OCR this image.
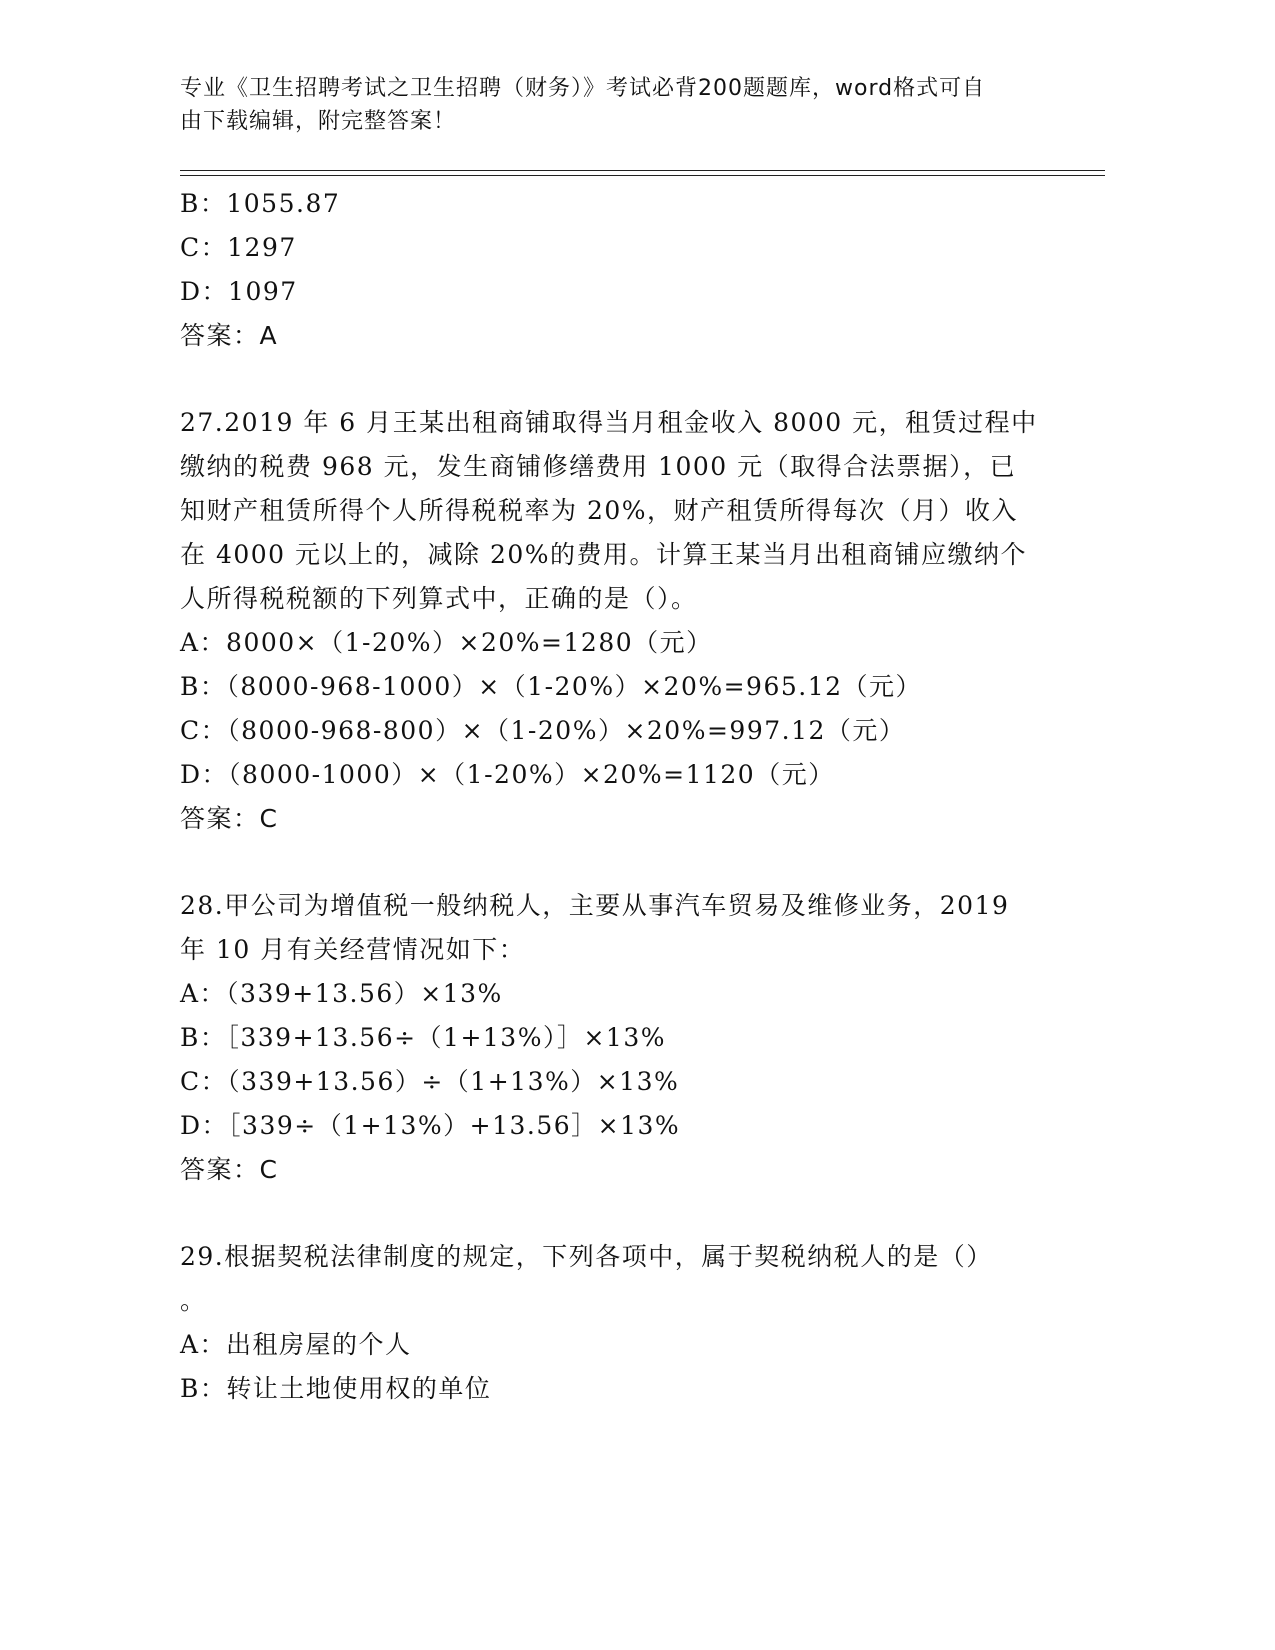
专业《卫生招聘考试之卫生招聘（财务）》考试必背200题题库，word格式可自
由下载编辑，附完整答案！
B：1055.87
C：1297
D：1097
答案：A
27.2019 年 6 月王某出租商铺取得当月租金收入 8000 元，租赁过程中
缴纳的税费 968 元，发生商铺修缮费用 1000 元（取得合法票据），已
知财产租赁所得个人所得税税率为 20%，财产租赁所得每次（月）收入
在 4000 元以上的，减除 20%的费用。计算王某当月出租商铺应缴纳个
人所得税税额的下列算式中，正确的是（）。
A：8000×（1-20%）×20%=1280（元）
B：（8000-968-1000）×（1-20%）×20%=965.12（元）
C：（8000-968-800）×（1-20%）×20%=997.12（元）
D：（8000-1000）×（1-20%）×20%=1120（元）
答案：C
28.甲公司为增值税一般纳税人，主要从事汽车贸易及维修业务，2019
年 10 月有关经营情况如下：
A：（339+13.56）×13%
B：［339+13.56÷（1+13%）］×13%
C：（339+13.56）÷（1+13%）×13%
D：［339÷（1+13%）+13.56］×13%
答案：C
29.根据契税法律制度的规定，下列各项中，属于契税纳税人的是（）
。
A：出租房屋的个人
B：转让土地使用权的单位
